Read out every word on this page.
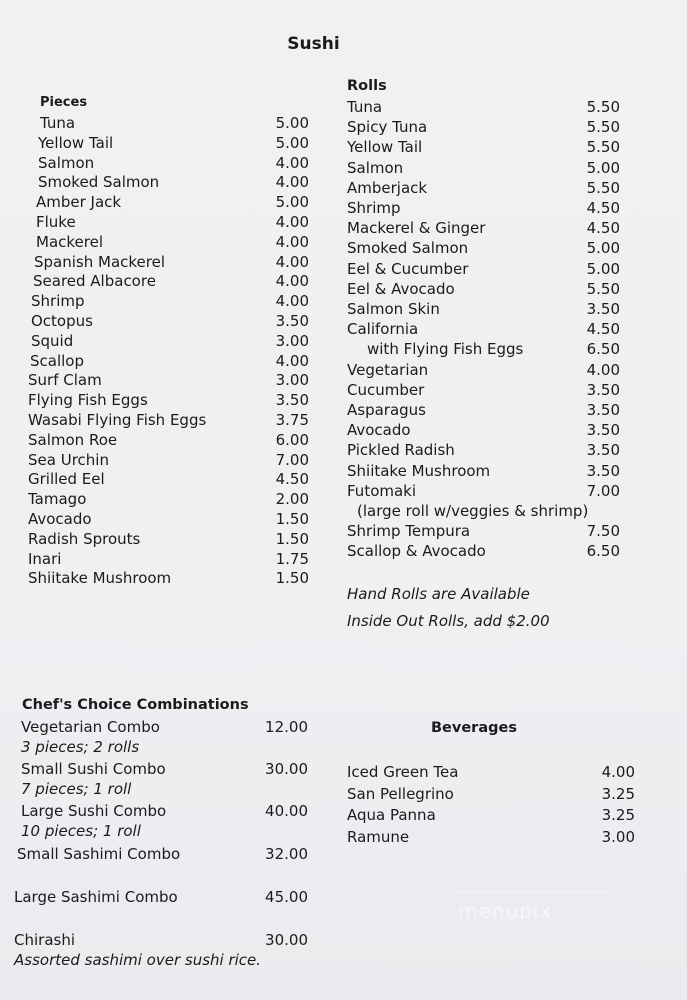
Sushi
Pieces
Tuna	5.00
Yellow Tail	5.00
Salmon	4.00
Smoked Salmon	4.00
Amber Jack	5.00
Fluke	4.00
Mackerel	4.00
Spanish Mackerel	4.00
Seared Albacore	4.00
Shrimp	4.00
Octopus	3.50
Squid	3.00
Scallop	4.00
Surf Clam	3.00
Flying Fish Eggs	3.50
Wasabi Flying Fish Eggs	3.75
Salmon Roe	6.00
Sea Urchin	7.00
Grilled Eel	4.50
Tamago	2.00
Avocado	1.50
Radish Sprouts	1.50
Inari	1.75
Shiitake Mushroom	1.50
Rolls
Tuna	5.50
Spicy Tuna	5.50
Yellow Tail	5.50
Salmon	5.00
Amberjack	5.50
Shrimp	4.50
Mackerel & Ginger	4.50
Smoked Salmon	5.00
Eel & Cucumber	5.00
Eel & Avocado	5.50
Salmon Skin	3.50
California	4.50
with Flying Fish Eggs	6.50
Vegetarian	4.00
Cucumber	3.50
Asparagus	3.50
Avocado	3.50
Pickled Radish	3.50
Shiitake Mushroom	3.50
Futomaki	7.00
(large roll w/veggies & shrimp)
Shrimp Tempura	7.50
Scallop & Avocado	6.50
Hand Rolls are Available
Inside Out Rolls, add $2.00
Chef's Choice Combinations
Vegetarian Combo	12.00
3 pieces; 2 rolls
Small Sushi Combo	30.00
7 pieces; 1 roll
Large Sushi Combo	40.00
10 pieces; 1 roll
Small Sashimi Combo	32.00
Large Sashimi Combo	45.00
Chirashi	30.00
Assorted sashimi over sushi rice.
Beverages
Iced Green Tea	4.00
San Pellegrino	3.25
Aqua Panna	3.25
Ramune	3.00
menupix
